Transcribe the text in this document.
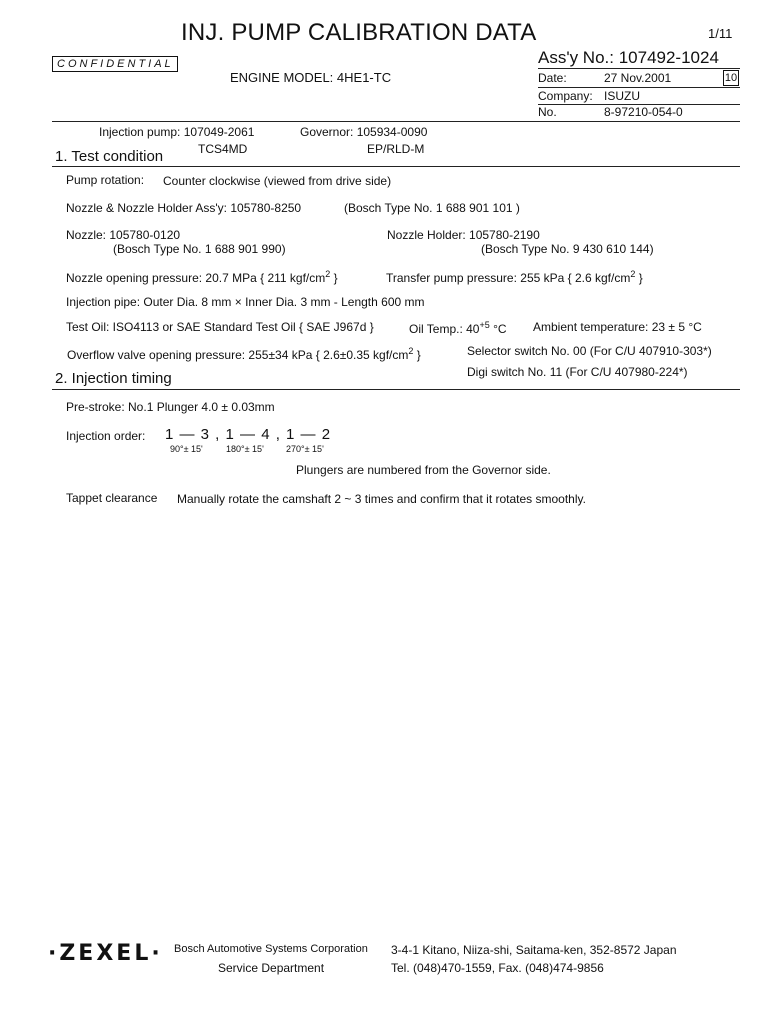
INJ. PUMP CALIBRATION DATA	1/11
CONFIDENTIAL	Ass'y No.: 107492-1024
ENGINE MODEL: 4HE1-TC	Date:	27 Nov.2001	10
Company: ISUZU
No.	8-97210-054-0
Injection pump: 107049-2061
TCS4MD
Governor: 105934-0090
EP/RLD-M
1. Test condition
Pump rotation: Counter clockwise (viewed from drive side)
Nozzle & Nozzle Holder Ass'y: 105780-8250	(Bosch Type No. 1 688 901 101 )
Nozzle: 105780-0120
(Bosch Type No. 1 688 901 990)
Nozzle Holder: 105780-2190
(Bosch Type No. 9 430 610 144)
Nozzle opening pressure: 20.7 MPa { 211 kgf/$cm^2$ }	Transfer pump pressure: 255 kPa { 2.6 kgf/$cm^2$ }
Injection pipe: Outer Dia. 8 mm × Inner Dia. 3 mm - Length 600 mm
Test Oil: ISO4113 or SAE Standard Test Oil { SAE J967d }	Oil Temp.: $40^{+5}$ °C Ambient temperature: 23 ± 5 °C
Overflow valve opening pressure: 255±34 kPa { 2.6±0.35 kgf/$cm^2$ }	Selector switch No. 00 (For C/U 407910-303*)
Digi switch No. 11 (For C/U 407980-224*)
2. Injection timing
Pre-stroke: No.1 Plunger 4.0 ± 0.03mm
Injection order: 1 — 3 , 1 — 4 , 1 — 2
90°± 15'	180°± 15' 270°± 15'
Plungers are numbered from the Governor side.
Tappet clearance Manually rotate the camshaft 2 ~ 3 times and confirm that it rotates smoothly.
·ZEXEL· Bosch Automotive Systems Corporation
Service Department
3-4-1 Kitano, Niiza-shi, Saitama-ken, 352-8572 Japan
Tel. (048)470-1559, Fax. (048)474-9856
